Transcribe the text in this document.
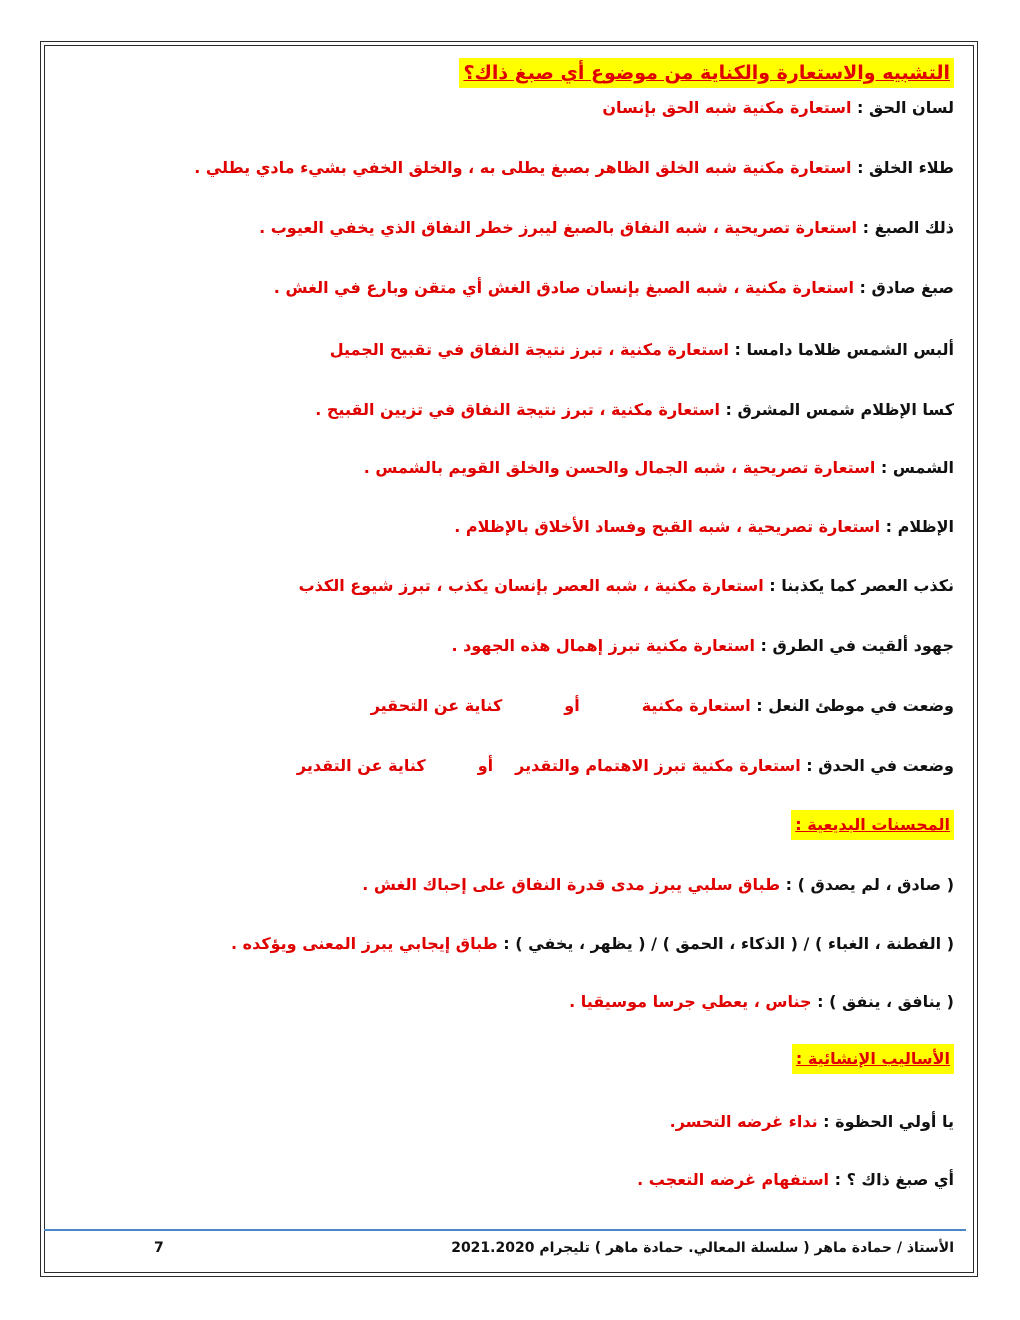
التشبيه والاستعارة والكناية من موضوع أي صبغ ذاك؟
لسان الحق : استعارة مكنية شبه الحق بإنسان
طلاء الخلق : استعارة مكنية شبه الخلق الظاهر بصبغ يطلى به ، والخلق الخفي بشيء مادي يطلي .
ذلك الصبغ : استعارة تصريحية ، شبه النفاق بالصبغ ليبرز خطر النفاق الذي يخفي العيوب .
صبغ صادق : استعارة مكنية ، شبه الصبغ بإنسان صادق الغش أي متقن وبارع في الغش .
ألبس الشمس ظلاما دامسا : استعارة مكنية ، تبرز نتيجة النفاق في تقبيح الجميل
كسا الإظلام شمس المشرق : استعارة مكنية ، تبرز نتيجة النفاق في تزيين القبيح .
الشمس : استعارة تصريحية ، شبه الجمال والحسن والخلق القويم بالشمس .
الإظلام : استعارة تصريحية ، شبه القبح وفساد الأخلاق بالإظلام .
نكذب العصر كما يكذبنا : استعارة مكنية ، شبه العصر بإنسان يكذب ، تبرز شيوع الكذب
جهود ألقيت في الطرق : استعارة مكنية تبرز إهمال هذه الجهود .
وضعت في موطئ النعل : استعارة مكنيةأوكناية عن التحقير
وضعت في الحدق : استعارة مكنية تبرز الاهتمام والتقديرأوكناية عن التقدير
المحسنات البديعية :
( صادق ، لم يصدق ) : طباق سلبي يبرز مدى قدرة النفاق على إحباك الغش .
( الفطنة ، الغباء ) / ( الذكاء ، الحمق ) / ( يظهر ، يخفي ) : طباق إيجابي يبرز المعنى ويؤكده .
( ينافق ، ينفق ) : جناس ، يعطي جرسا موسيقيا .
الأساليب الإنشائية :
يا أولي الحظوة : نداء غرضه التحسر.
أي صبغ ذاك ؟ : استفهام غرضه التعجب .
الأستاذ / حمادة ماهر ( سلسلة المعالي. حمادة ماهر ) تليجرام 2021.2020
7
